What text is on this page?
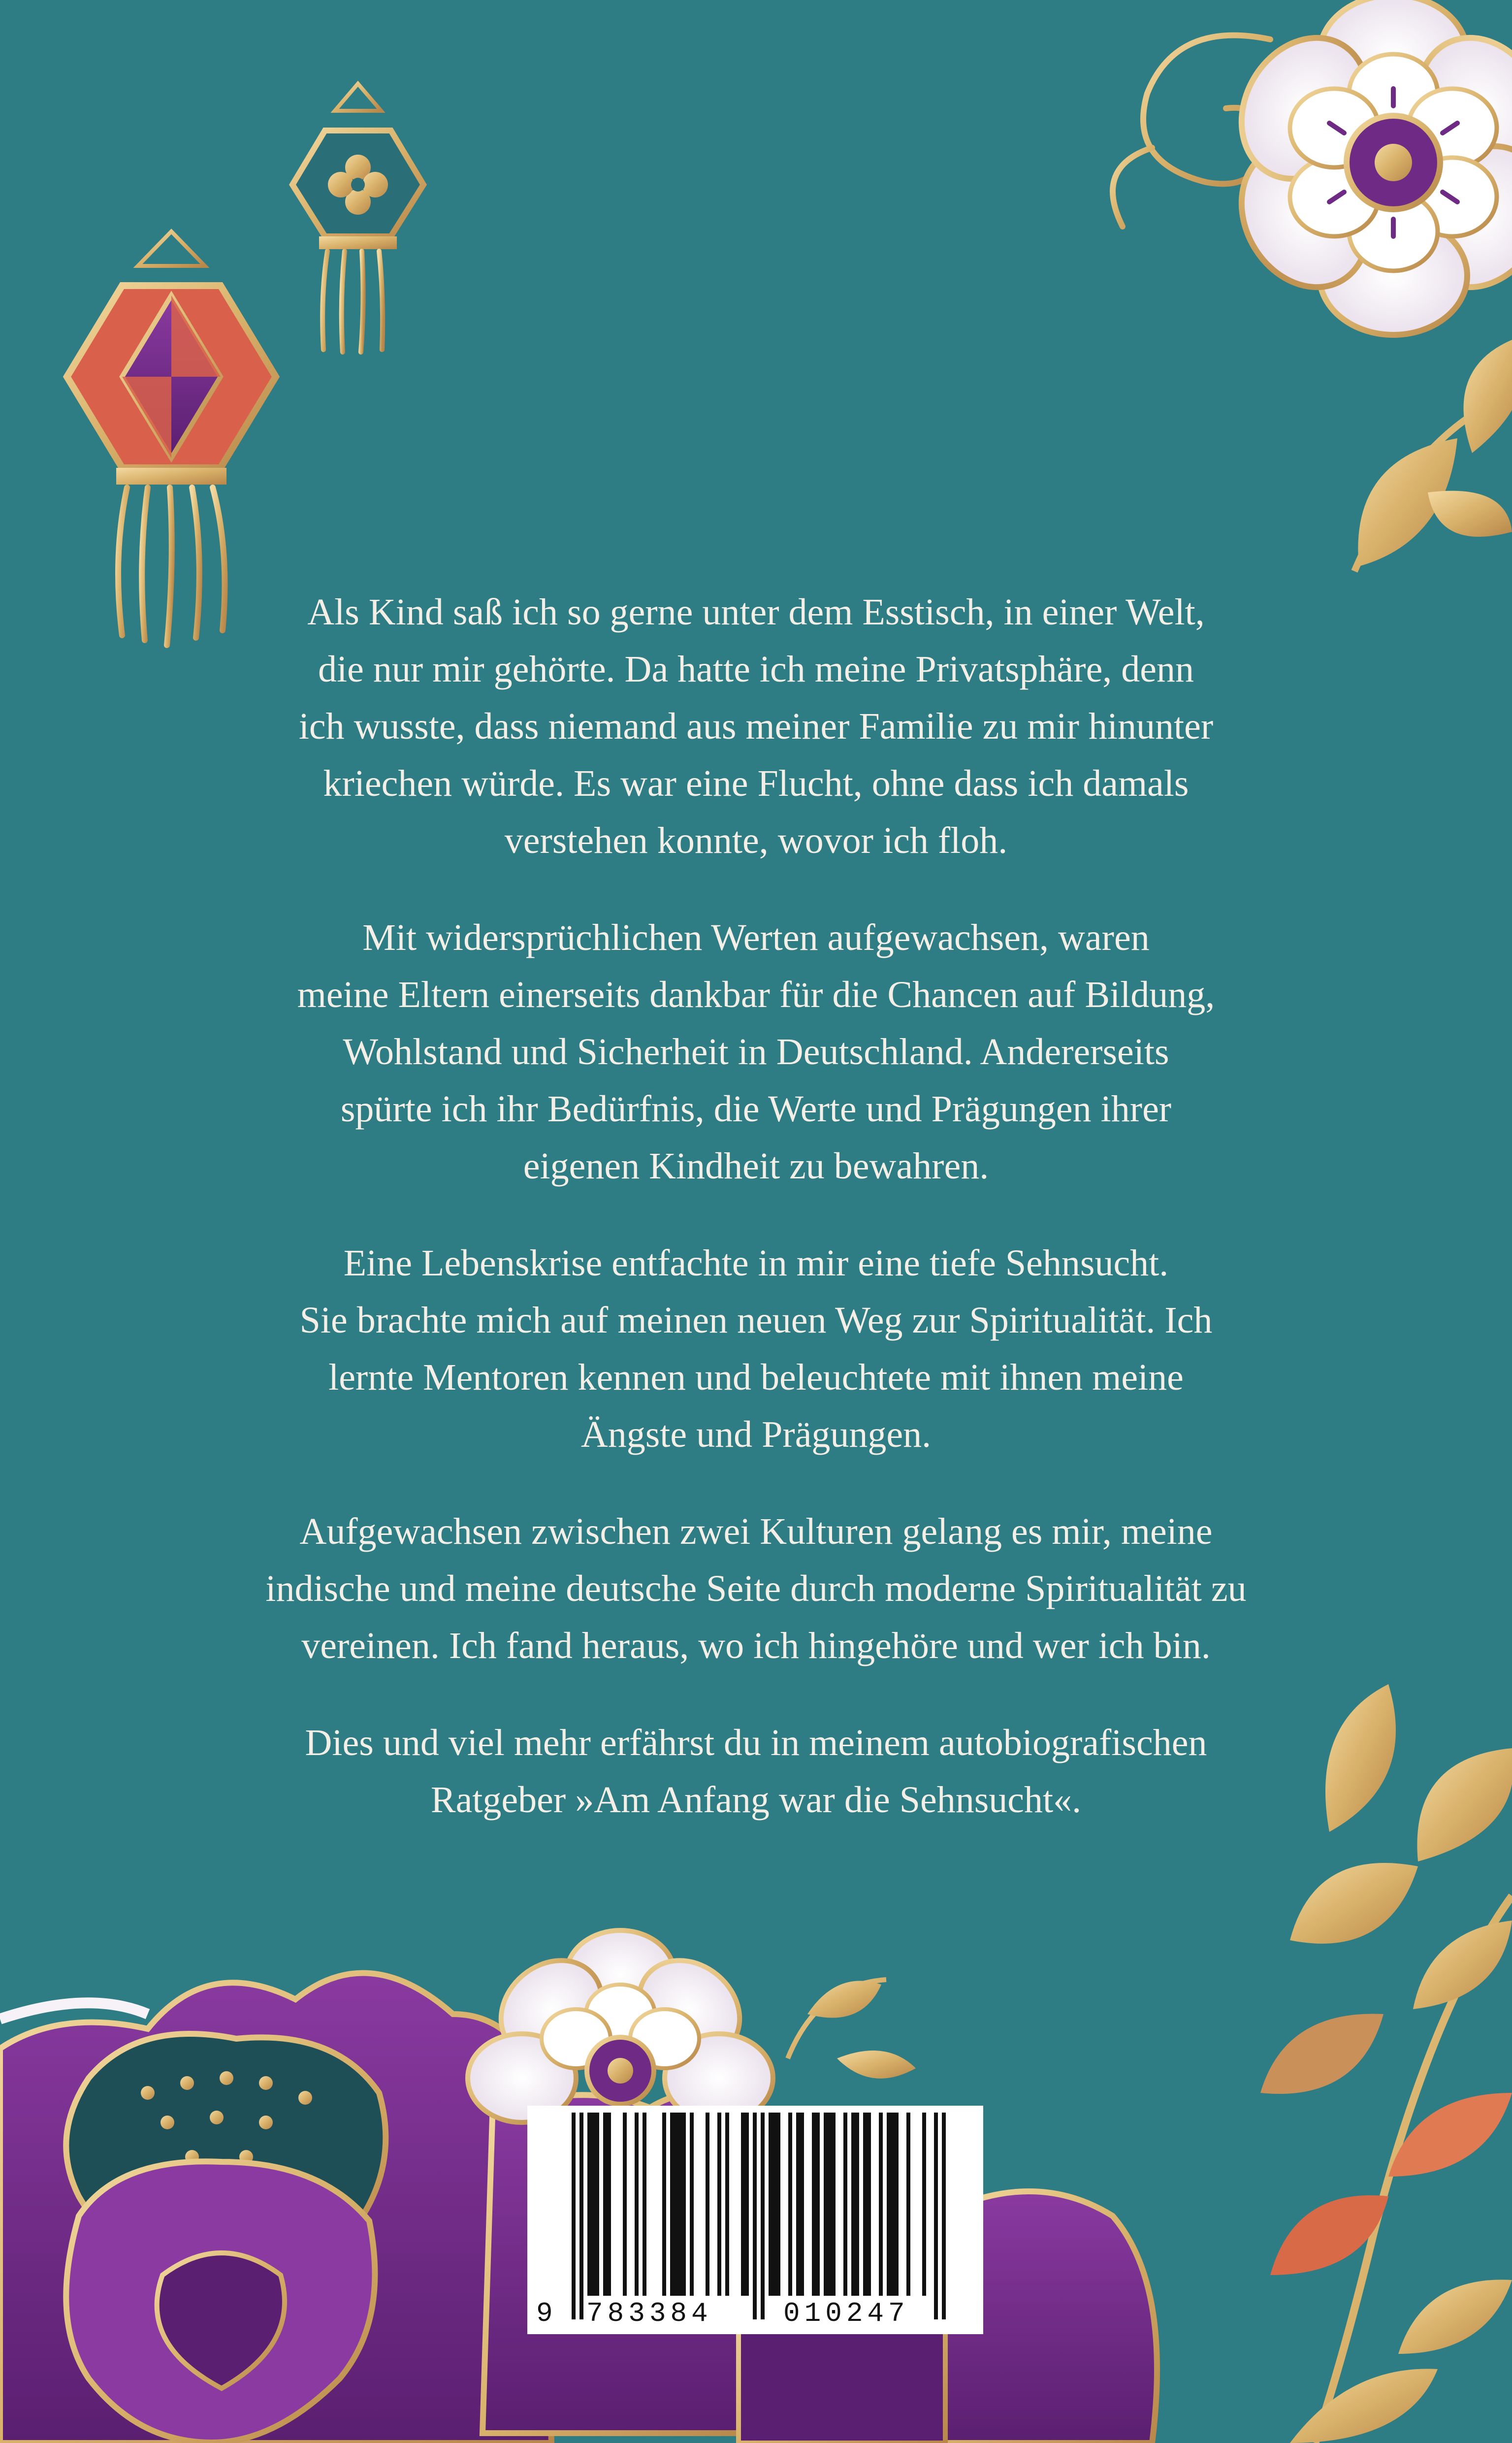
Als Kind saß ich so gerne unter dem Esstisch, in einer Welt,
die nur mir gehörte. Da hatte ich meine Privatsphäre, denn
ich wusste, dass niemand aus meiner Familie zu mir hinunter
kriechen würde. Es war eine Flucht, ohne dass ich damals
verstehen konnte, wovor ich floh.

Mit widersprüchlichen Werten aufgewachsen, waren
meine Eltern einerseits dankbar für die Chancen auf Bildung,
Wohlstand und Sicherheit in Deutschland. Andererseits
spürte ich ihr Bedürfnis, die Werte und Prägungen ihrer
eigenen Kindheit zu bewahren.

Eine Lebenskrise entfachte in mir eine tiefe Sehnsucht.
Sie brachte mich auf meinen neuen Weg zur Spiritualität. Ich
lernte Mentoren kennen und beleuchtete mit ihnen meine
Ängste und Prägungen.

Aufgewachsen zwischen zwei Kulturen gelang es mir, meine
indische und meine deutsche Seite durch moderne Spiritualität zu
vereinen. Ich fand heraus, wo ich hingehöre und wer ich bin.

Dies und viel mehr erfährst du in meinem autobiografischen
Ratgeber »Am Anfang war die Sehnsucht«.

9 783384	010247
